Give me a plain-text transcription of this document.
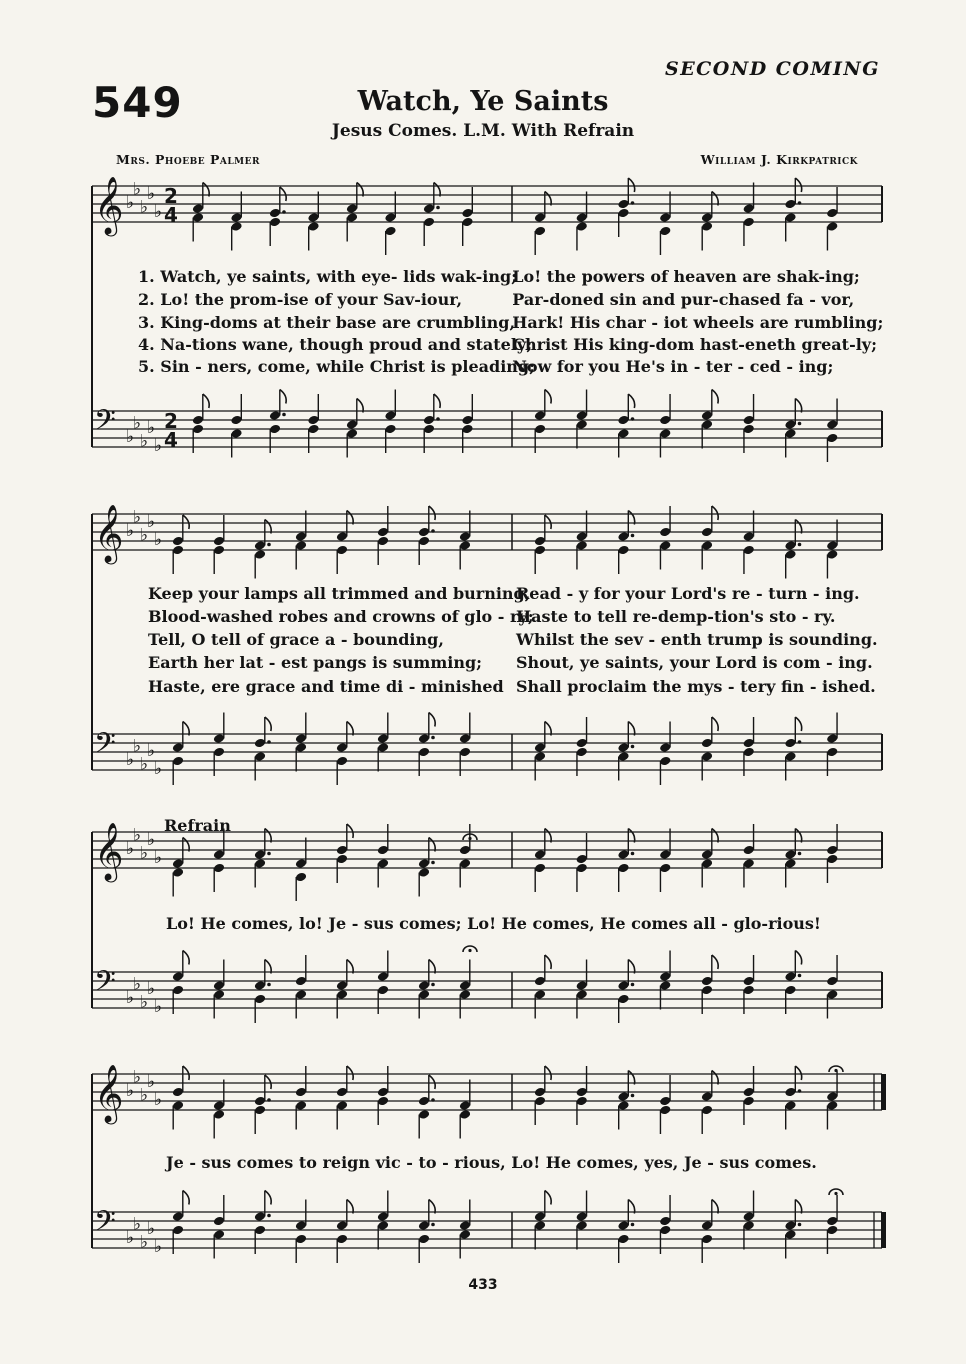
549
SECOND COMING
Watch, Ye Saints
Jesus Comes. L.M. With Refrain
Mrs. Phoebe Palmer	William J. Kirkpatrick
𝄞 ♭
♭
♭
♭
♭
2
4
𝄢 ♭
♭
♭
♭
♭
2
4
𝄞 ♭
♭
♭
♭
♭
𝄢 ♭
♭
♭
♭
♭
𝄞 ♭
♭
♭
♭
♭
𝄢 ♭
♭
♭
♭
♭
𝄞 ♭
♭
♭
♭
♭
𝄢 ♭
♭
♭
♭
♭
1. Watch, ye saints, with eye- lids wak-ing;Lo! the powers of heaven are shak-ing;
2. Lo! the prom-ise of your Sav-iour,	Par-doned sin and pur-chased fa - vor,
3. King-doms at their base are crumbling,Hark! His char - iot wheels are rumbling;
4. Na-tions wane, though proud and stately;Christ His king-dom hast-eneth great-ly;
5. Sin - ners, come, while Christ is pleading;Now for you He's in - ter - ced - ing;
Keep your lamps all trimmed and burning,Read - y for your Lord's re - turn - ing.
Blood-washed robes and crowns of glo - ry;Haste to tell re-demp-tion's sto - ry.
Tell, O tell of grace a - bounding,	Whilst the sev - enth trump is sounding.
Earth her lat - est pangs is summing; Shout, ye saints, your Lord is com - ing.
Haste, ere grace and time di - minished Shall proclaim the mys - tery fin - ished.
Refrain
Lo! He comes, lo! Je - sus comes; Lo! He comes, He comes all - glo-rious!
Je - sus comes to reign vic - to - rious, Lo! He comes, yes, Je - sus comes.
433
